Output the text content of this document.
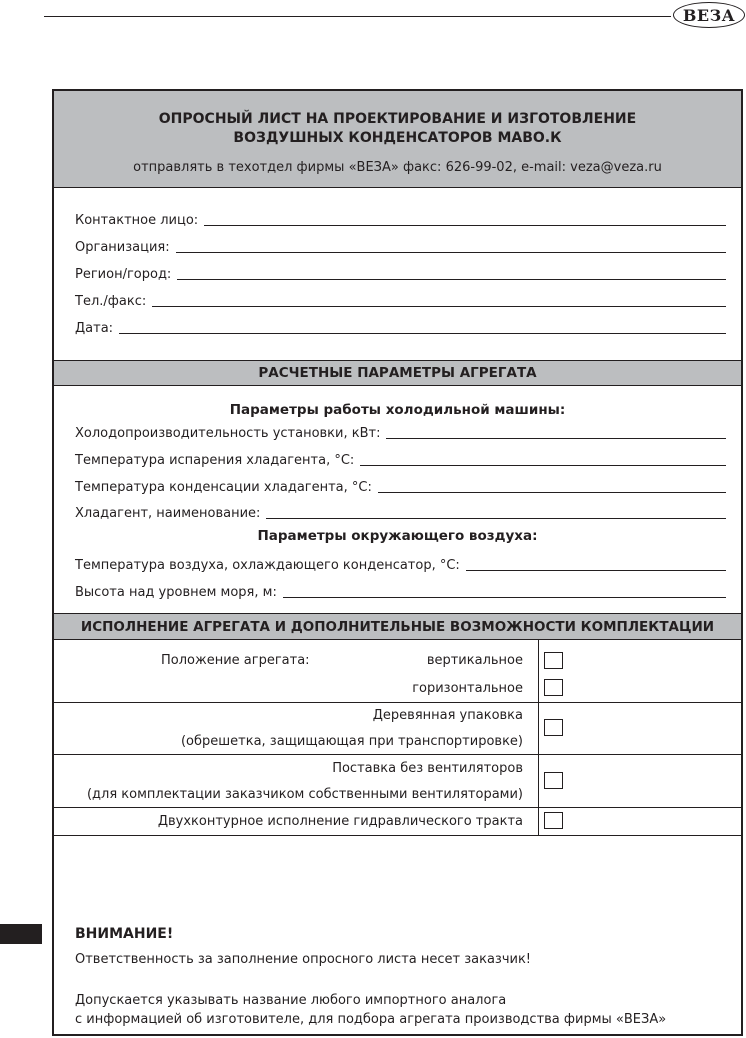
ВЕЗА
ОПРОСНЫЙ ЛИСТ НА ПРОЕКТИРОВАНИЕ И ИЗГОТОВЛЕНИЕ
ВОЗДУШНЫХ КОНДЕНСАТОРОВ МАВО.К
отправлять в техотдел фирмы «ВЕЗА» факс: 626-99-02, e-mail: veza@veza.ru
Контактное лицо:
Организация:
Регион/город:
Тел./факс:
Дата:
РАСЧЕТНЫЕ ПАРАМЕТРЫ АГРЕГАТА
Параметры работы холодильной машины:
Холодопроизводительность установки, кВт:
Температура испарения хладагента, °С:
Температура конденсации хладагента, °С:
Хладагент, наименование:
Параметры окружающего воздуха:
Температура воздуха, охлаждающего конденсатор, °С:
Высота над уровнем моря, м:
ИСПОЛНЕНИЕ АГРЕГАТА И ДОПОЛНИТЕЛЬНЫЕ ВОЗМОЖНОСТИ КОМПЛЕКТАЦИИ
Положение агрегата:	вертикальное
горизонтальное
Деревянная упаковка
(обрешетка, защищающая при транспортировке)
Поставка без вентиляторов
(для комплектации заказчиком собственными вентиляторами)
Двухконтурное исполнение гидравлического тракта
ВНИМАНИЕ!
Ответственность за заполнение опросного листа несет заказчик!
Допускается указывать название любого импортного аналога
с информацией об изготовителе, для подбора агрегата производства фирмы «ВЕЗА»
